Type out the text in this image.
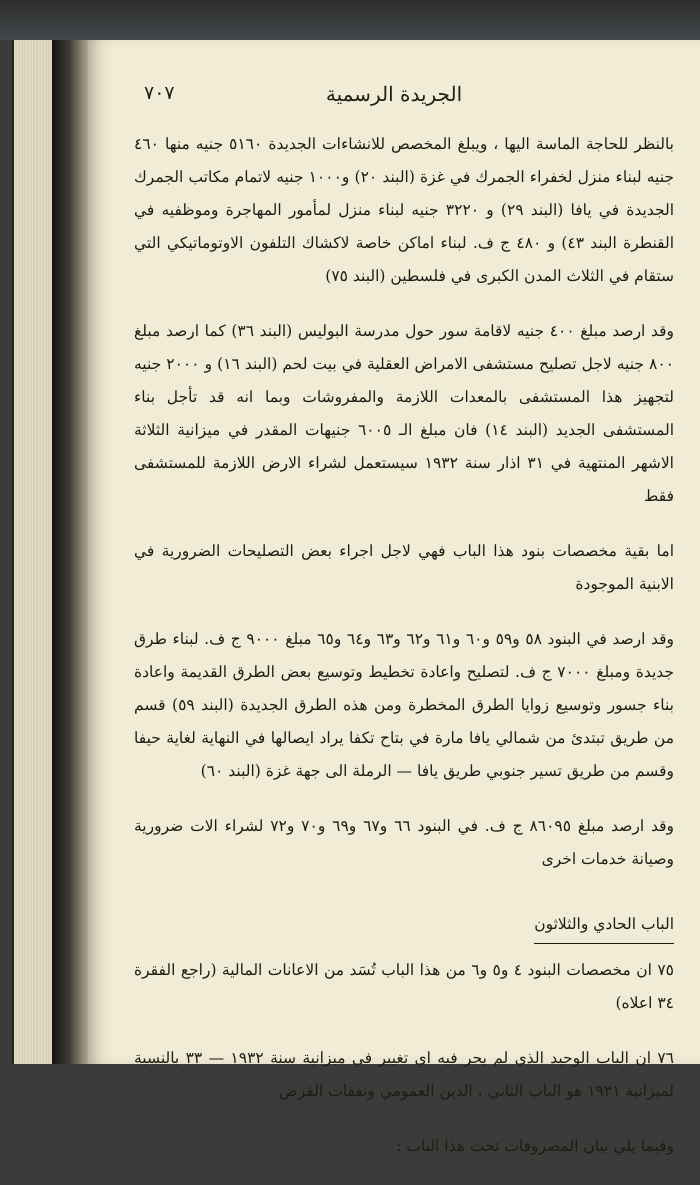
٧٠٧	الجريدة الرسمية

بالنظر للحاجة الماسة اليها ، ويبلغ المخصص للانشاءات الجديدة ٥١٦٠ جنيه منها ٤٦٠ جنيه لبناء منزل لخفراء الجمرك في غزة (البند ٢٠) و١٠٠٠ جنيه لاتمام مكاتب الجمرك الجديدة في يافا (البند ٢٩) و ٣٢٢٠ جنيه لبناء منزل لمأمور المهاجرة وموظفيه في القنطرة البند ٤٣) و ٤٨٠ ج ف. لبناء اماكن خاصة لاكشاك التلفون الاوتوماتيكي التي ستقام في الثلاث المدن الكبرى في فلسطين (البند ٧٥)

وقد ارصد مبلغ ٤٠٠ جنيه لاقامة سور حول مدرسة البوليس (البند ٣٦) كما ارصد مبلغ ٨٠٠ جنيه لاجل تصليح مستشفى الامراض العقلية في بيت لحم (البند ١٦) و ٢٠٠٠ جنيه لتجهيز هذا المستشفى بالمعدات اللازمة والمفروشات وبما انه قد تأجل بناء المستشفى الجديد (البند ١٤) فان مبلغ الـ ٦٠٠٥ جنيهات المقدر في ميزانية الثلاثة الاشهر المنتهية في ٣١ اذار سنة ١٩٣٢ سيستعمل لشراء الارض اللازمة للمستشفى فقط

اما بقية مخصصات بنود هذا الباب فهي لاجل اجراء بعض التصليحات الضرورية في الابنية الموجودة

وقد ارصد في البنود ٥٨ و٥٩ و٦٠ و٦١ و٦٢ و٦٣ و٦٤ و٦٥ مبلغ ٩٠٠٠ ج ف. لبناء طرق جديدة ومبلغ ٧٠٠٠ ج ف. لتصليح واعادة تخطيط وتوسيع بعض الطرق القديمة واعادة بناء جسور وتوسيع زوايا الطرق المخطرة ومن هذه الطرق الجديدة (البند ٥٩) قسم من طريق تبتدئ من شمالي يافا مارة في بتاح تكفا يراد ايصالها في النهاية لغاية حيفا وقسم من طريق تسير جنوبي طريق يافا — الرملة الى جهة غزة (البند ٦٠)

وقد ارصد مبلغ ٨٦٠٩٥ ج ف. في البنود ٦٦ و٦٧ و٦٩ و٧٠ و٧٢ لشراء الات ضرورية وصيانة خدمات اخرى

الباب الحادي والثلاثون

٧٥ ان مخصصات البنود ٤ و٥ و٦ من هذا الباب تُسَد من الاعانات المالية (راجع الفقرة ٣٤ اعلاه)

٧٦ ان الباب الوحيد الذي لم يجر فيه اي تغيير في ميزانية سنة ١٩٣٢ — ٣٣ بالنسبة لميزانية ١٩٣١ هو الباب الثاني ، الدين العمومي ونفقات القرض

وفيما يلي بيان المصروفات تحت هذا الباب :
